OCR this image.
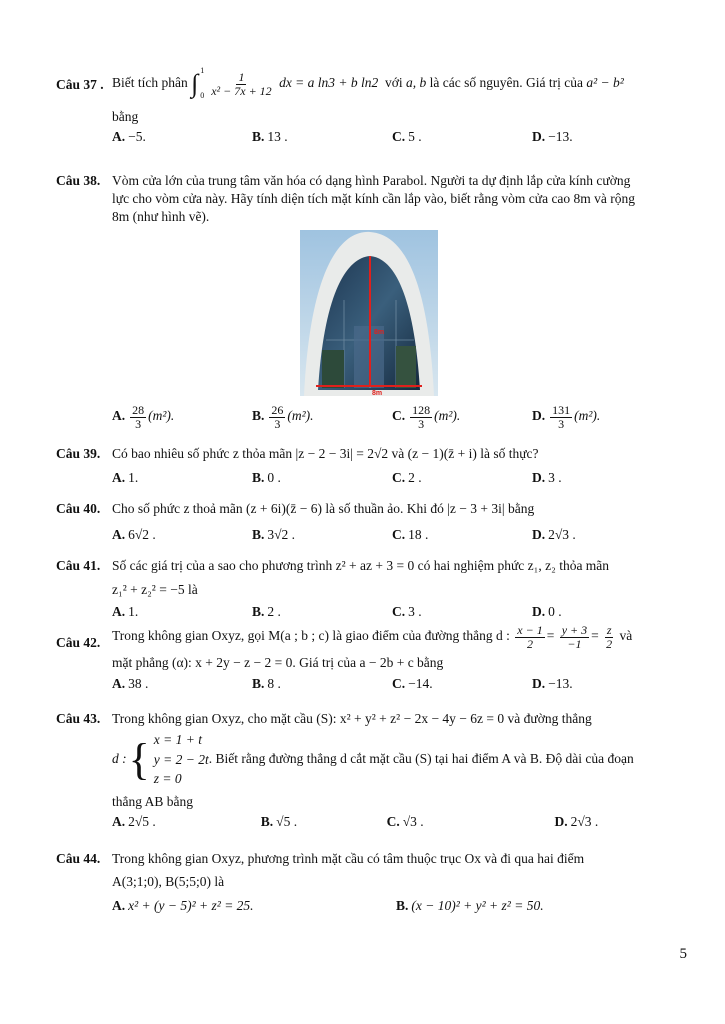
Câu 37 . Biết tích phân ∫ 1
$0 \frac{1}{\text{x² − 7x + 12}}$ dx = a ln3 + b ln2 với a, b là các số nguyên. Giá trị của a² − b²
bằng
A. −5.	B. 13 .	C. 5 .	D. −13.
Câu 38. Vòm cửa lớn của trung tâm văn hóa có dạng hình Parabol. Người ta dự định lắp cửa kính cường
lực cho vòm cửa này. Hãy tính diện tích mặt kính cần lắp vào, biết rằng vòm cửa cao 8m và rộng
8m (như hình vẽ).
8m
8m
A. $\frac{28}{3} (m^2)$.	B. $\frac{26}{3} (m^2)$.	C. $\frac{128}{3} (m^2)$.	D. $\frac{131}{3} (m^2)$.
Câu 39. Có bao nhiêu số phức z thỏa mãn |z − 2 − 3i| = 2√2 và (z − 1)(z̄ + i) là số thực?
A. 1.	B. 0 .	C. 2 .	D. 3 .
Câu 40. Cho số phức z thoả mãn (z + 6i)(z̄ − 6) là số thuần ảo. Khi đó |z − 3 + 3i| bằng
A. 6√2 .	B. 3√2 .	C. 18 .	D. 2√3 .
Câu 41. Số các giá trị của a sao cho phương trình z² + az + 3 = 0 có hai nghiệm phức z₁, z₂ thỏa mãn
z₁² + z₂² = −5 là
A. 1.	B. 2 .	C. 3 .	D. 0 .
Câu 42. Trong không gian Oxyz, gọi M(a ; b ; c) là giao điểm của đường thẳng d : $\frac{x - 1}{2} = \frac{y + 3}{-1} = \frac{z}{2}$ và
mặt phẳng (α): x + 2y − z − 2 = 0. Giá trị của a − 2b + c bằng
A. 38 .	B. 8 .	C. −14.	D. −13.
Câu 43. Trong không gian Oxyz, cho mặt cầu (S): x² + y² + z² − 2x − 4y − 6z = 0 và đường thẳng
d : { x = 1 + t
y = 2 − 2t
z = 0
. Biết rằng đường thẳng d cắt mặt cầu (S) tại hai điểm A và B. Độ dài của đoạn
thẳng AB bằng
A. 2√5 .	B. √5 .	C. √3 .	D. 2√3 .
Câu 44. Trong không gian Oxyz, phương trình mặt cầu có tâm thuộc trục Ox và đi qua hai điểm
A(3;1;0), B(5;5;0) là
A. x² + (y − 5)² + z² = 25.	B. (x − 10)² + y² + z² = 50.
5
